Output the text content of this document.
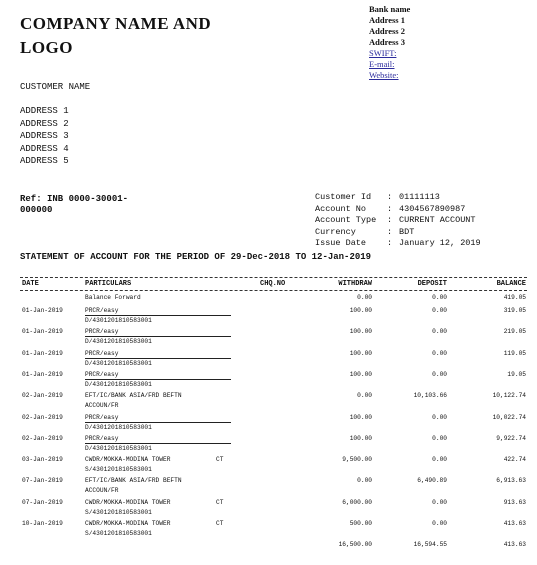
COMPANY NAME AND
LOGO
Bank name
Address 1
Address 2
Address 3
SWIFT:
E-mail:
Website:
CUSTOMER NAME
ADDRESS 1
ADDRESS 2
ADDRESS 3
ADDRESS 4
ADDRESS 5
Ref: INB 0000-30001-
000000
Customer Id	: 01111113
Account No	: 4304567890987
Account Type	: CURRENT ACCOUNT
Currency	: BDT
Issue Date	: January 12, 2019
STATEMENT OF ACCOUNT FOR THE PERIOD OF 29-Dec-2018 TO 12-Jan-2019
DATE	PARTICULARS	CHQ.NO	WITHDRAW	DEPOSIT	BALANCE
Balance Forward	0.00	0.00	419.05
01-Jan-2019	PRCR/easy
D/4301201810583001
100.00	0.00	319.05
01-Jan-2019	PRCR/easy
D/4301201810583001
100.00	0.00	219.05
01-Jan-2019	PRCR/easy
D/4301201810583001
100.00	0.00	119.05
01-Jan-2019	PRCR/easy
D/4301201810583001
100.00	0.00	19.05
02-Jan-2019	EFT/IC/BANK ASIA/FRD BEFTN
ACCOUN/FR
0.00	10,103.66	10,122.74
02-Jan-2019	PRCR/easy
D/4301201810583001
100.00	0.00	10,022.74
02-Jan-2019	PRCR/easy
D/4301201810583001
100.00	0.00	9,922.74
03-Jan-2019	CWDR/MOKKA-MODINA TOWER
S/4301201810583001
CT	9,500.00	0.00	422.74
07-Jan-2019	EFT/IC/BANK ASIA/FRD BEFTN
ACCOUN/FR
0.00	6,490.89	6,913.63
07-Jan-2019	CWDR/MOKKA-MODINA TOWER
S/4301201810583001
CT	6,000.00	0.00	913.63
10-Jan-2019	CWDR/MOKKA-MODINA TOWER
S/4301201810583001
CT	500.00	0.00	413.63
16,500.00	16,594.55	413.63
